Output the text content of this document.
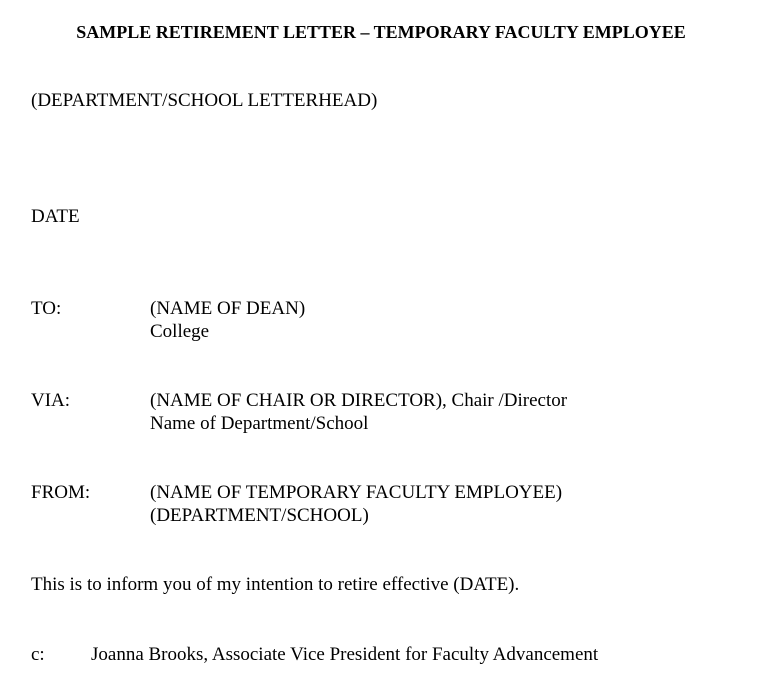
SAMPLE RETIREMENT LETTER – TEMPORARY FACULTY EMPLOYEE
(DEPARTMENT/SCHOOL LETTERHEAD)
DATE
TO:	(NAME OF DEAN)
College
VIA:	(NAME OF CHAIR OR DIRECTOR), Chair /Director
Name of Department/School
FROM:	(NAME OF TEMPORARY FACULTY EMPLOYEE)
(DEPARTMENT/SCHOOL)
This is to inform you of my intention to retire effective (DATE).
c: Joanna Brooks, Associate Vice President for Faculty Advancement
